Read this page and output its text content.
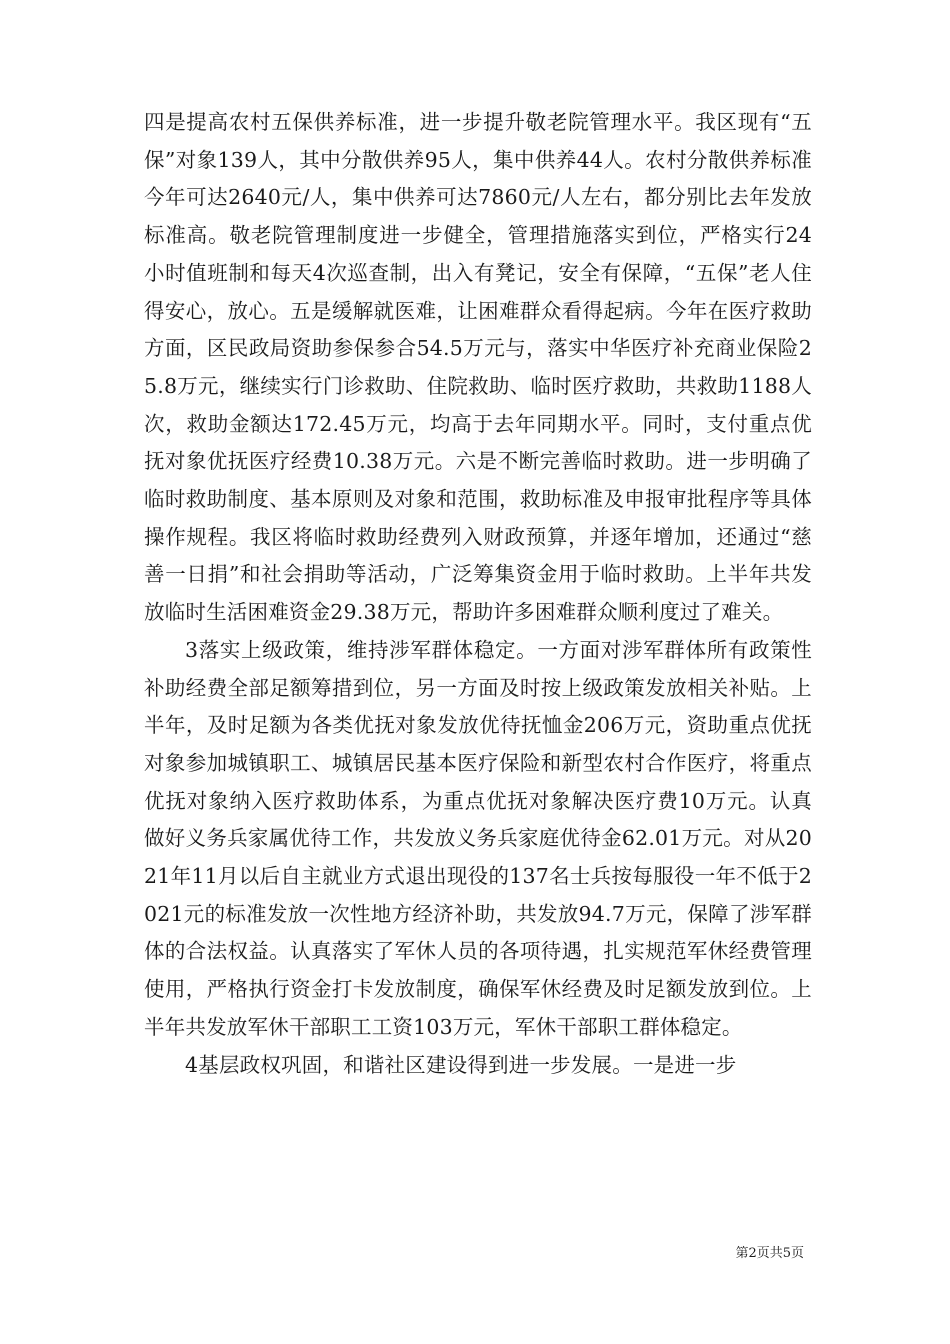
四是提高农村五保供养标准，进一步提升敬老院管理水平。我区现有“五保”对象139人，其中分散供养95人，集中供养44人。农村分散供养标准今年可达2640元/人，集中供养可达7860元/人左右，都分别比去年发放标准高。敬老院管理制度进一步健全，管理措施落实到位，严格实行24小时值班制和每天4次巡查制，出入有凳记，安全有保障，“五保”老人住得安心，放心。五是缓解就医难，让困难群众看得起病。今年在医疗救助方面，区民政局资助参保参合54.5万元与，落实中华医疗补充商业保险25.8万元，继续实行门诊救助、住院救助、临时医疗救助，共救助1188人次，救助金额达172.45万元，均高于去年同期水平。同时，支付重点优抚对象优抚医疗经费10.38万元。六是不断完善临时救助。进一步明确了临时救助制度、基本原则及对象和范围，救助标准及申报审批程序等具体操作规程。我区将临时救助经费列入财政预算，并逐年增加，还通过“慈善一日捐”和社会捐助等活动，广泛筹集资金用于临时救助。上半年共发放临时生活困难资金29.38万元，帮助许多困难群众顺利度过了难关。

3落实上级政策，维持涉军群体稳定。一方面对涉军群体所有政策性补助经费全部足额筹措到位，另一方面及时按上级政策发放相关补贴。上半年，及时足额为各类优抚对象发放优待抚恤金206万元，资助重点优抚对象参加城镇职工、城镇居民基本医疗保险和新型农村合作医疗，将重点优抚对象纳入医疗救助体系，为重点优抚对象解决医疗费10万元。认真做好义务兵家属优待工作，共发放义务兵家庭优待金62.01万元。对从2021年11月以后自主就业方式退出现役的137名士兵按每服役一年不低于2021元的标准发放一次性地方经济补助，共发放94.7万元，保障了涉军群体的合法权益。认真落实了军休人员的各项待遇，扎实规范军休经费管理使用，严格执行资金打卡发放制度，确保军休经费及时足额发放到位。上半年共发放军休干部职工工资103万元，军休干部职工群体稳定。

4基层政权巩固，和谐社区建设得到进一步发展。一是进一步

第2页共5页
